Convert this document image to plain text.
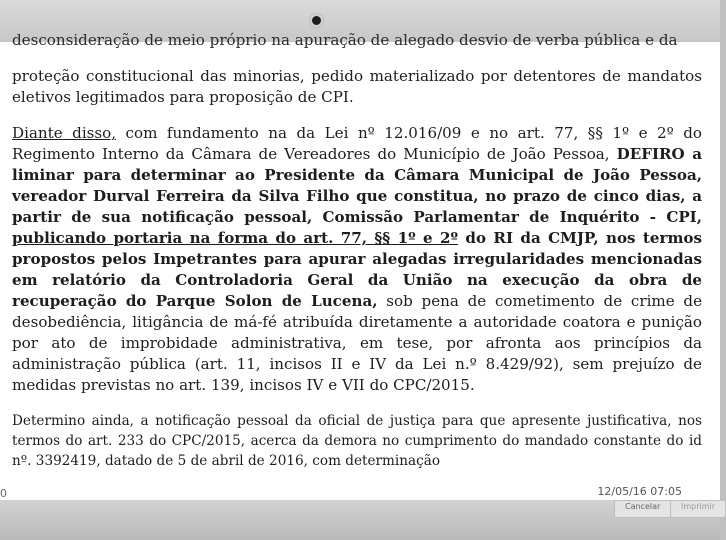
desconsideração de meio próprio na apuração de alegado desvio de verba pública e da

proteção constitucional das minorias, pedido materializado por detentores de mandatos eletivos legitimados para proposição de CPI.

Diante disso, com fundamento na da Lei nº 12.016/09 e no art. 77, §§ 1º e 2º do Regimento Interno da Câmara de Vereadores do Município de João Pessoa, DEFIRO a liminar para determinar ao Presidente da Câmara Municipal de João Pessoa, vereador Durval Ferreira da Silva Filho que constitua, no prazo de cinco dias, a partir de sua notificação pessoal, Comissão Parlamentar de Inquérito - CPI, publicando portaria na forma do art. 77, §§ 1º e 2º do RI da CMJP, nos termos propostos pelos Impetrantes para apurar alegadas irregularidades mencionadas em relatório da Controladoria Geral da União na execução da obra de recuperação do Parque Solon de Lucena, sob pena de cometimento de crime de desobediência, litigância de má-fé atribuída diretamente a autoridade coatora e punição por ato de improbidade administrativa, em tese, por afronta aos princípios da administração pública (art. 11, incisos II e IV da Lei n.º 8.429/92), sem prejuízo de medidas previstas no art. 139, incisos IV e VII do CPC/2015.

Determino ainda, a notificação pessoal da oficial de justiça para que apresente justificativa, nos termos do art. 233 do CPC/2015, acerca da demora no cumprimento do mandado constante do id nº. 3392419, datado de 5 de abril de 2016, com determinação

0	12/05/16 07:05
Cancelar	Imprimir
